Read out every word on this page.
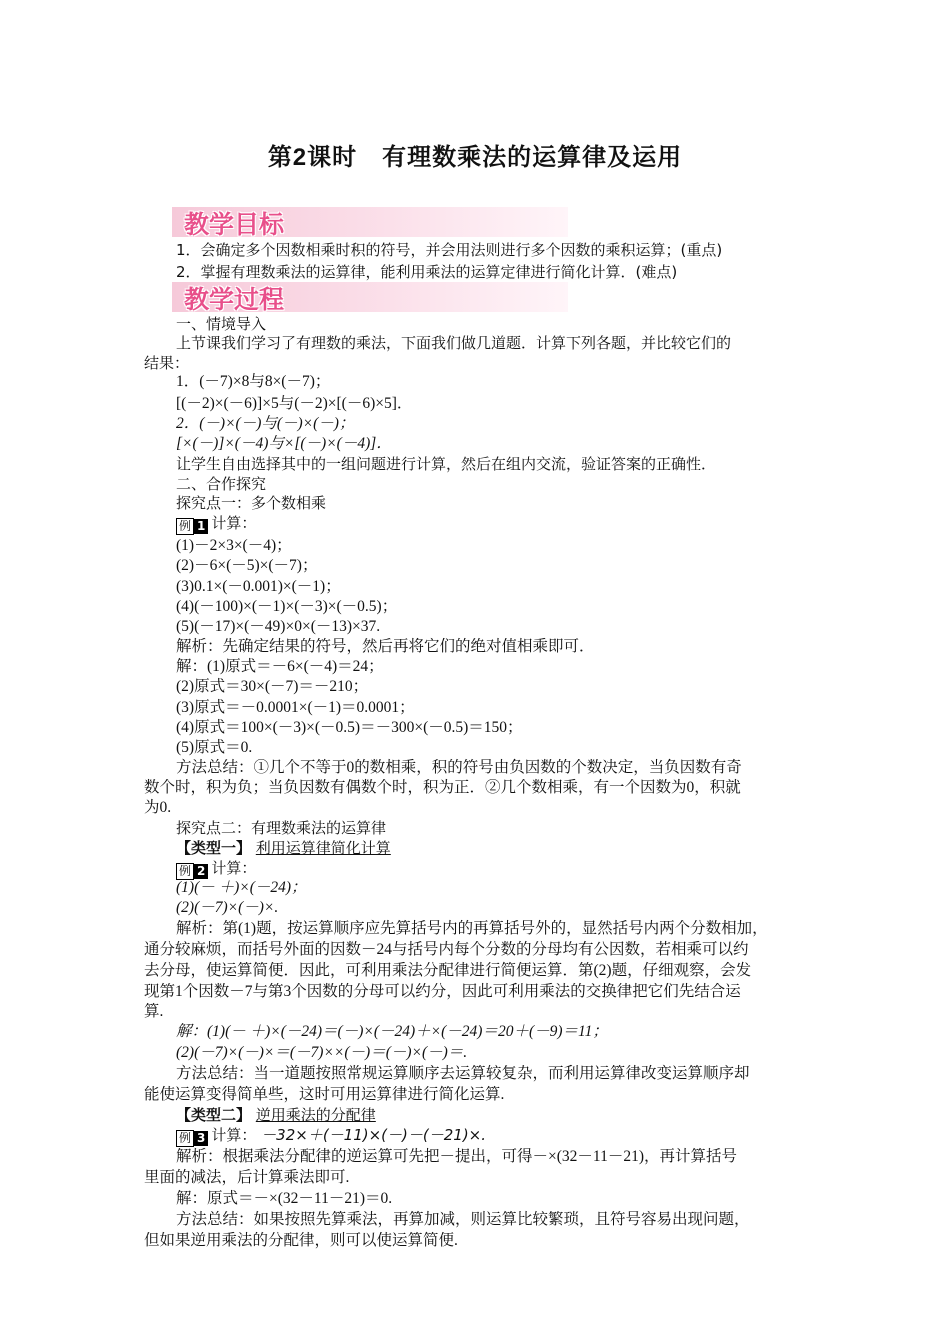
第2课时　有理数乘法的运算律及运用
教学目标
1．会确定多个因数相乘时积的符号，并会用法则进行多个因数的乘积运算；(重点)
2．掌握有理数乘法的运算律，能利用乘法的运算定律进行简化计算．(难点)
教学过程
一、情境导入
上节课我们学习了有理数的乘法，下面我们做几道题．计算下列各题，并比较它们的
结果：
1．(－7)×8与8×(－7)；
[(－2)×(－6)]×5与(－2)×[(－6)×5]．
2．(－)×(－)与(－)×(－)；
[×(－)]×(－4)与×[(－)×(－4)]．
让学生自由选择其中的一组问题进行计算，然后在组内交流，验证答案的正确性．
二、合作探究
探究点一：多个数相乘
例 1 计算：
(1)－2×3×(－4)；
(2)－6×(－5)×(－7)；
(3)0.1×(－0.001)×(－1)；
(4)(－100)×(－1)×(－3)×(－0.5)；
(5)(－17)×(－49)×0×(－13)×37.
解析：先确定结果的符号，然后再将它们的绝对值相乘即可．
解：(1)原式＝－6×(－4)＝24；
(2)原式＝30×(－7)＝－210；
(3)原式＝－0.0001×(－1)＝0.0001；
(4)原式＝100×(－3)×(－0.5)＝－300×(－0.5)＝150；
(5)原式＝0.
方法总结：①几个不等于0的数相乘，积的符号由负因数的个数决定，当负因数有奇
数个时，积为负；当负因数有偶数个时，积为正．②几个数相乘，有一个因数为0，积就
为0.
探究点二：有理数乘法的运算律
【类型一】 利用运算律简化计算
例 2 计算：
(1)(－ ＋)×(－24)；
(2)(－7)×(－)×.
解析：第(1)题，按运算顺序应先算括号内的再算括号外的，显然括号内两个分数相加，
通分较麻烦，而括号外面的因数－24与括号内每个分数的分母均有公因数，若相乘可以约
去分母，使运算简便．因此，可利用乘法分配律进行简便运算．第(2)题，仔细观察，会发
现第1个因数－7与第3个因数的分母可以约分，因此可利用乘法的交换律把它们先结合运
算.
解：(1)(－ ＋)×(－24)＝(－)×(－24)＋×(－24)＝20＋(－9)＝11；
(2)(－7)×(－)×＝(－7)××(－)＝(－)×(－)＝.
方法总结：当一道题按照常规运算顺序去运算较复杂，而利用运算律改变运算顺序却
能使运算变得简单些，这时可用运算律进行简化运算.
【类型二】 逆用乘法的分配律
例 3 计算： －32×＋(－11)×(－)－(－21)×.
解析：根据乘法分配律的逆运算可先把－提出，可得－×(32－11－21)，再计算括号
里面的减法，后计算乘法即可.
解：原式＝－×(32－11－21)＝0.
方法总结：如果按照先算乘法，再算加减，则运算比较繁琐，且符号容易出现问题，
但如果逆用乘法的分配律，则可以使运算简便.
